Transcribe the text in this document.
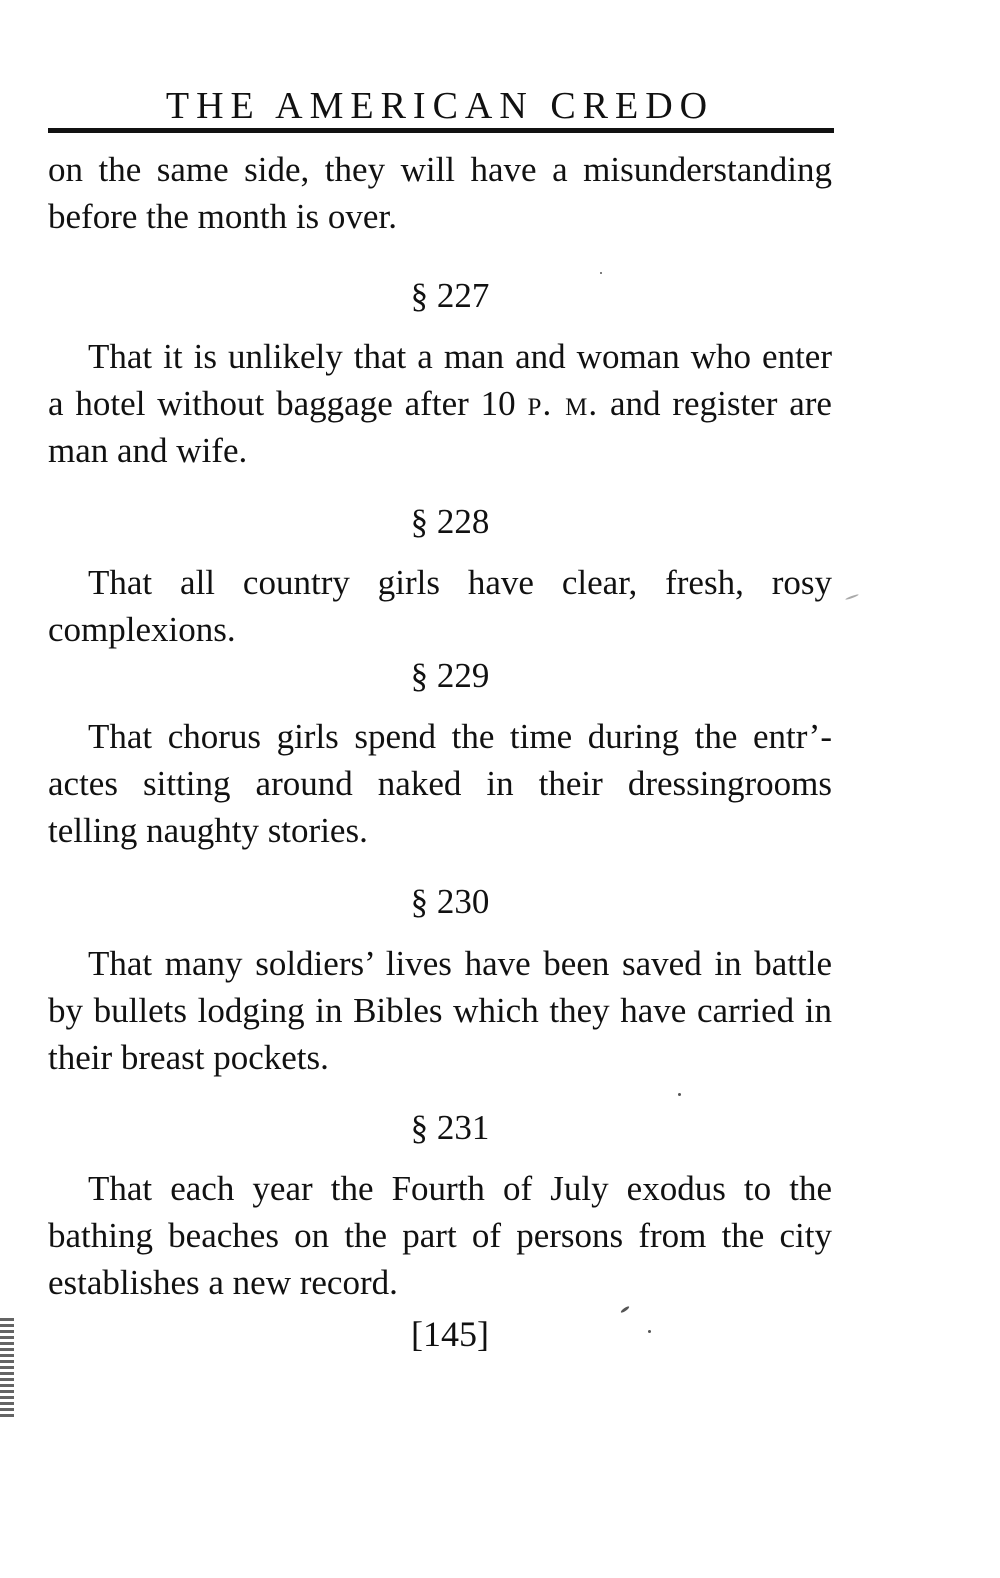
THE AMERICAN CREDO

on the same side, they will have a misunderstanding before the month is over.

§ 227

That it is unlikely that a man and woman who enter a hotel without baggage after 10 p. m. and register are man and wife.

§ 228

That all country girls have clear, fresh, rosy complexions.

§ 229

That chorus girls spend the time during the entr’-actes sitting around naked in their dressingrooms telling naughty stories.

§ 230

That many soldiers’ lives have been saved in battle by bullets lodging in Bibles which they have carried in their breast pockets.

§ 231

That each year the Fourth of July exodus to the bathing beaches on the part of persons from the city establishes a new record.

[145]
